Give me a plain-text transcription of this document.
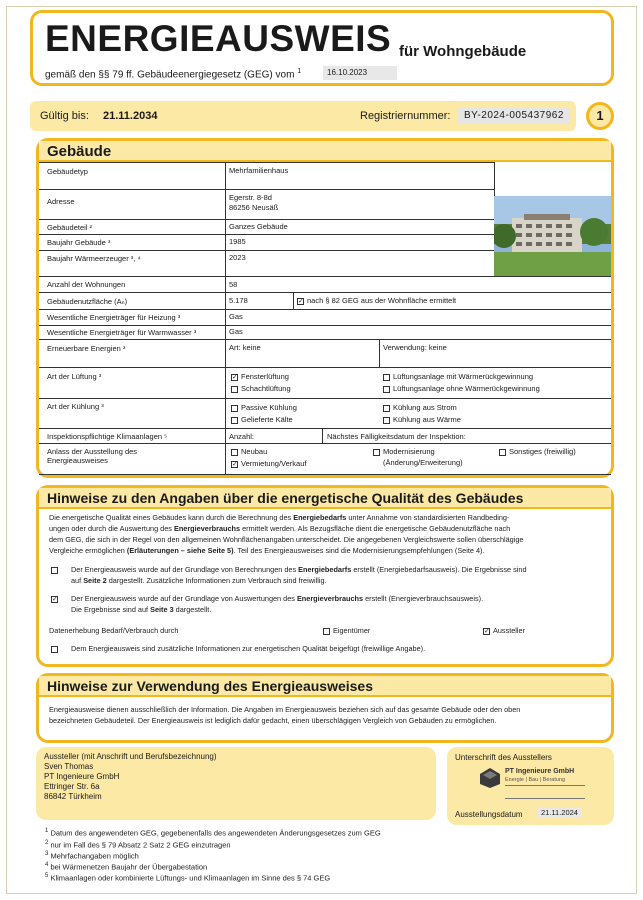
ENERGIEAUSWEIS für Wohngebäude
gemäß den §§ 79 ff. Gebäudeenergiegesetz (GEG) vom $^1$	16.10.2023
Gültig bis: 21.11.2034	Registriernummer:	BY-2024-005437962	1
Gebäude
Gebäudetyp	Mehrfamilienhaus
Adresse	Egerstr. 8-8d
86256 Neusäß
Gebäudeteil ²	Ganzes Gebäude
Baujahr Gebäude ³	1985
Baujahr Wärmeerzeuger ³, ⁴	2023
Anzahl der Wohnungen	58
Gebäudenutzfläche (Aₙ)	5.178	✓ nach § 82 GEG aus der Wohnfläche ermittelt
Wesentliche Energieträger für Heizung ³	Gas
Wesentliche Energieträger für Warmwasser ³	Gas
Erneuerbare Energien ³	Art: keine	Verwendung: keine
Art der Lüftung ³	✓ Fensterlüftung	Lüftungsanlage mit Wärmerückgewinnung
Schachtlüftung	Lüftungsanlage ohne Wärmerückgewinnung
Art der Kühlung ³	Passive Kühlung	Kühlung aus Strom
Gelieferte Kälte	Kühlung aus Wärme
Inspektionspflichtige Klimaanlagen ⁵	Anzahl:	Nächstes Fälligkeitsdatum der Inspektion:
Anlass der Ausstellung des
Energieausweises
Neubau	Modernisierung
(Änderung/Erweiterung)
Sonstiges (freiwillig)
✓ Vermietung/Verkauf
Hinweise zu den Angaben über die energetische Qualität des Gebäudes
Die energetische Qualität eines Gebäudes kann durch die Berechnung des Energiebedarfs unter Annahme von standardisierten Randbeding-
ungen oder durch die Auswertung des Energieverbrauchs ermittelt werden. Als Bezugsfläche dient die energetische Gebäudenutzfläche nach
dem GEG, die sich in der Regel von den allgemeinen Wohnflächenangaben unterscheidet. Die angegebenen Vergleichswerte sollen überschlägige
Vergleiche ermöglichen (Erläuterungen – siehe Seite 5). Teil des Energieausweises sind die Modernisierungsempfehlungen (Seite 4).
Der Energieausweis wurde auf der Grundlage von Berechnungen des Energiebedarfs erstellt (Energiebedarfsausweis). Die Ergebnisse sind
auf Seite 2 dargestellt. Zusätzliche Informationen zum Verbrauch sind freiwillig.
✓	Der Energieausweis wurde auf der Grundlage von Auswertungen des Energieverbrauchs erstellt (Energieverbrauchsausweis).
Die Ergebnisse sind auf Seite 3 dargestellt.
Datenerhebung Bedarf/Verbrauch durch	Eigentümer	✓ Aussteller
Dem Energieausweis sind zusätzliche Informationen zur energetischen Qualität beigefügt (freiwillige Angabe).
Hinweise zur Verwendung des Energieausweises
Energieausweise dienen ausschließlich der Information. Die Angaben im Energieausweis beziehen sich auf das gesamte Gebäude oder den oben
bezeichneten Gebäudeteil. Der Energieausweis ist lediglich dafür gedacht, einen überschlägigen Vergleich von Gebäuden zu ermöglichen.
Aussteller (mit Anschrift und Berufsbezeichnung)
Sven Thomas
PT Ingenieure GmbH
Ettringer Str. 6a
86842 Türkheim
Unterschrift des Ausstellers
PT Ingenieure GmbH
Energie | Bau | Beratung
Ausstellungsdatum	21.11.2024
$^1$ Datum des angewendeten GEG, gegebenenfalls des angewendeten Änderungsgesetzes zum GEG
$^2$ nur im Fall des § 79 Absatz 2 Satz 2 GEG einzutragen
$^3$ Mehrfachangaben möglich
$^4$ bei Wärmenetzen Baujahr der Übergabestation
$^5$ Klimaanlagen oder kombinierte Lüftungs- und Klimaanlagen im Sinne des § 74 GEG
